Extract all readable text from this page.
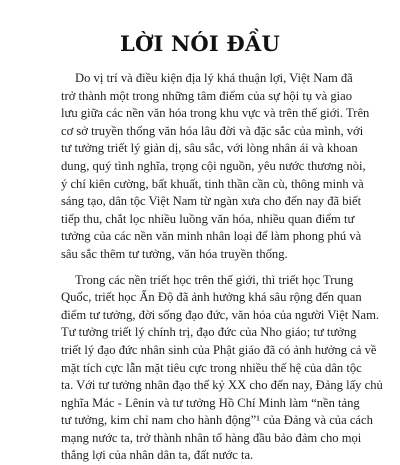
LỜI NÓI ĐẦU
Do vị trí và điều kiện địa lý khá thuận lợi, Việt Nam đã
trở thành một trong những tâm điểm của sự hội tụ và giao
lưu giữa các nền văn hóa trong khu vực và trên thế giới. Trên
cơ sở truyền thống văn hóa lâu đời và đặc sắc của mình, với
tư tưởng triết lý giản dị, sâu sắc, với lòng nhân ái và khoan
dung, quý tình nghĩa, trọng cội nguồn, yêu nước thương nòi,
ý chí kiên cường, bất khuất, tinh thần cần cù, thông minh và
sáng tạo, dân tộc Việt Nam từ ngàn xưa cho đến nay đã biết
tiếp thu, chắt lọc nhiều luồng văn hóa, nhiều quan điểm tư
tưởng của các nền văn minh nhân loại để làm phong phú và
sâu sắc thêm tư tưởng, văn hóa truyền thống.
Trong các nền triết học trên thế giới, thì triết học Trung
Quốc, triết học Ấn Độ đã ảnh hưởng khá sâu rộng đến quan
điểm tư tưởng, đời sống đạo đức, văn hóa của người Việt Nam.
Tư tưởng triết lý chính trị, đạo đức của Nho giáo; tư tưởng
triết lý đạo đức nhân sinh của Phật giáo đã có ảnh hưởng cả về
mặt tích cực lẫn mặt tiêu cực trong nhiều thế hệ của dân tộc
ta. Với tư tưởng nhân đạo thế kỷ XX cho đến nay, Đảng lấy chủ
nghĩa Mác - Lênin và tư tưởng Hồ Chí Minh làm “nền tảng
tư tưởng, kim chỉ nam cho hành động”¹ của Đảng và của cách
mạng nước ta, trở thành nhân tố hàng đầu bảo đảm cho mọi
thắng lợi của nhân dân ta, đất nước ta.
